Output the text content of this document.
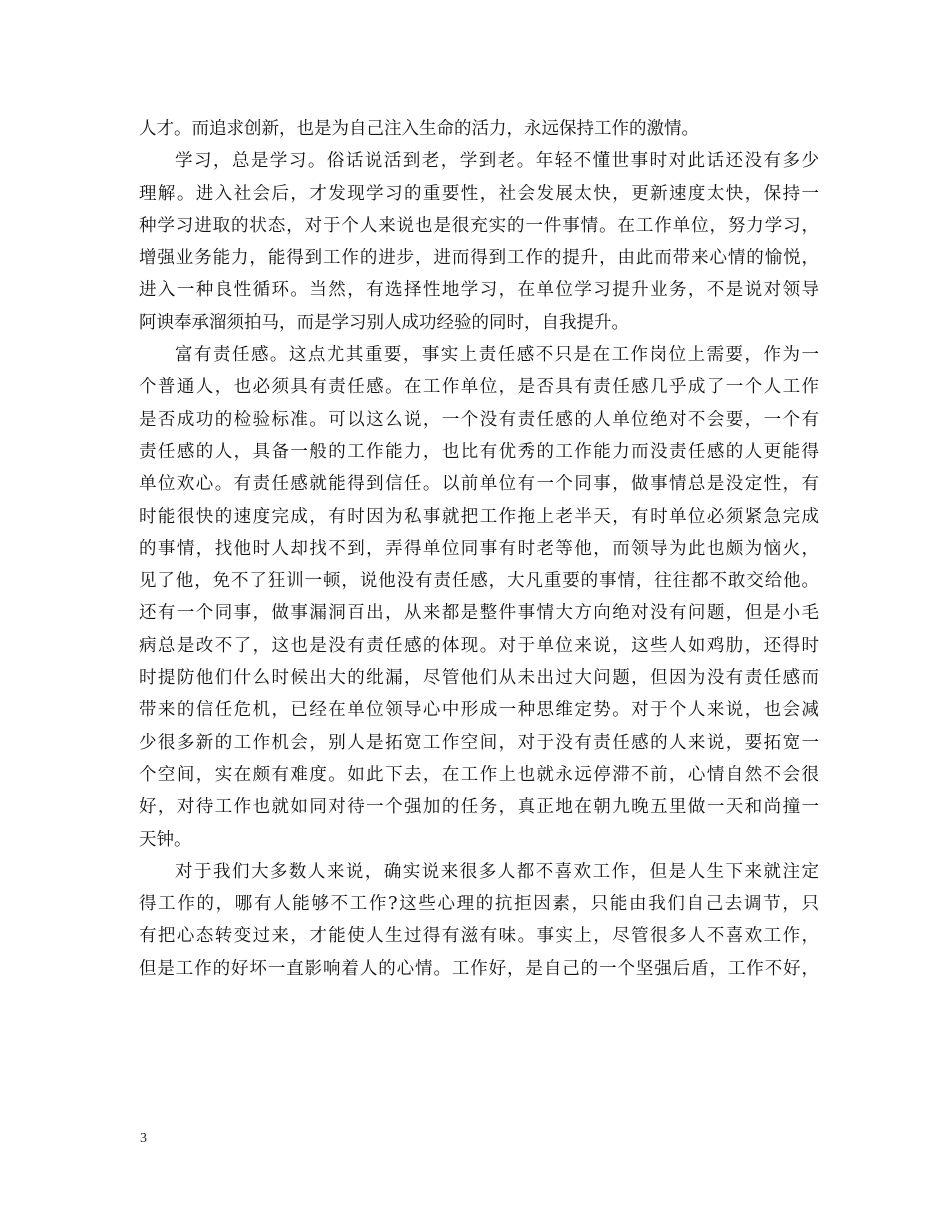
人才。而追求创新，也是为自己注入生命的活力，永远保持工作的激情。
学习，总是学习。俗话说活到老，学到老。年轻不懂世事时对此话还没有多少
理解。进入社会后，才发现学习的重要性，社会发展太快，更新速度太快，保持一
种学习进取的状态，对于个人来说也是很充实的一件事情。在工作单位，努力学习，
增强业务能力，能得到工作的进步，进而得到工作的提升，由此而带来心情的愉悦，
进入一种良性循环。当然，有选择性地学习，在单位学习提升业务，不是说对领导
阿谀奉承溜须拍马，而是学习别人成功经验的同时，自我提升。
富有责任感。这点尤其重要，事实上责任感不只是在工作岗位上需要，作为一
个普通人，也必须具有责任感。在工作单位，是否具有责任感几乎成了一个人工作
是否成功的检验标准。可以这么说，一个没有责任感的人单位绝对不会要，一个有
责任感的人，具备一般的工作能力，也比有优秀的工作能力而没责任感的人更能得
单位欢心。有责任感就能得到信任。以前单位有一个同事，做事情总是没定性，有
时能很快的速度完成，有时因为私事就把工作拖上老半天，有时单位必须紧急完成
的事情，找他时人却找不到，弄得单位同事有时老等他，而领导为此也颇为恼火，
见了他，免不了狂训一顿，说他没有责任感，大凡重要的事情，往往都不敢交给他。
还有一个同事，做事漏洞百出，从来都是整件事情大方向绝对没有问题，但是小毛
病总是改不了，这也是没有责任感的体现。对于单位来说，这些人如鸡肋，还得时
时提防他们什么时候出大的纰漏，尽管他们从未出过大问题，但因为没有责任感而
带来的信任危机，已经在单位领导心中形成一种思维定势。对于个人来说，也会减
少很多新的工作机会，别人是拓宽工作空间，对于没有责任感的人来说，要拓宽一
个空间，实在颇有难度。如此下去，在工作上也就永远停滞不前，心情自然不会很
好，对待工作也就如同对待一个强加的任务，真正地在朝九晚五里做一天和尚撞一
天钟。
对于我们大多数人来说，确实说来很多人都不喜欢工作，但是人生下来就注定
得工作的，哪有人能够不工作?这些心理的抗拒因素，只能由我们自己去调节，只
有把心态转变过来，才能使人生过得有滋有味。事实上，尽管很多人不喜欢工作，
但是工作的好坏一直影响着人的心情。工作好，是自己的一个坚强后盾，工作不好，
3
